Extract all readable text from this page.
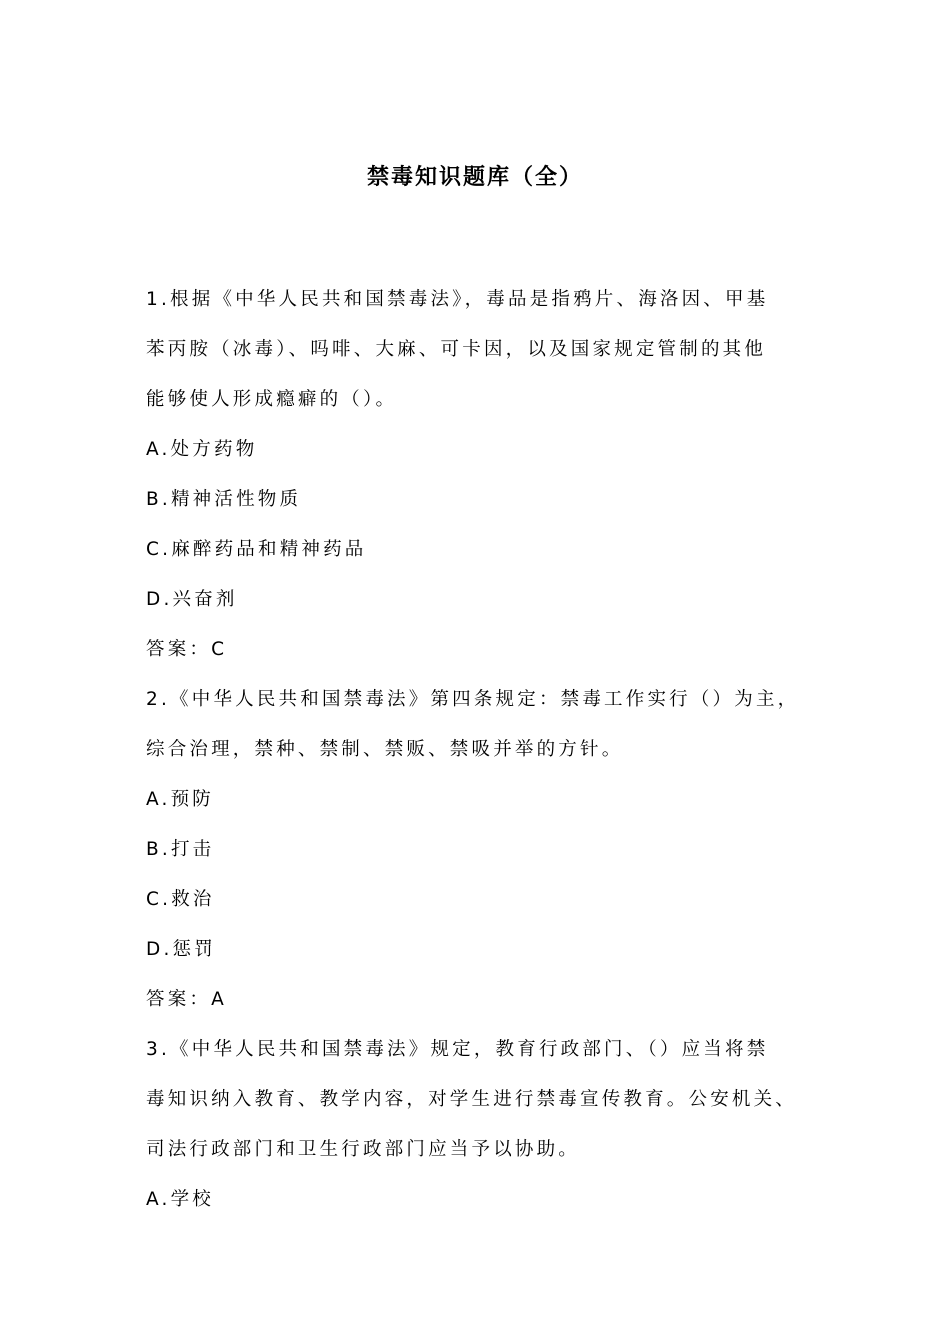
禁毒知识题库（全）
1.根据《中华人民共和国禁毒法》，毒品是指鸦片、海洛因、甲基
苯丙胺（冰毒）、吗啡、大麻、可卡因，以及国家规定管制的其他
能够使人形成瘾癖的（）。
A.处方药物
B.精神活性物质
C.麻醉药品和精神药品
D.兴奋剂
答案：C
2.《中华人民共和国禁毒法》第四条规定：禁毒工作实行（）为主，
综合治理，禁种、禁制、禁贩、禁吸并举的方针。
A.预防
B.打击
C.救治
D.惩罚
答案：A
3.《中华人民共和国禁毒法》规定，教育行政部门、（）应当将禁
毒知识纳入教育、教学内容，对学生进行禁毒宣传教育。公安机关、
司法行政部门和卫生行政部门应当予以协助。
A.学校
